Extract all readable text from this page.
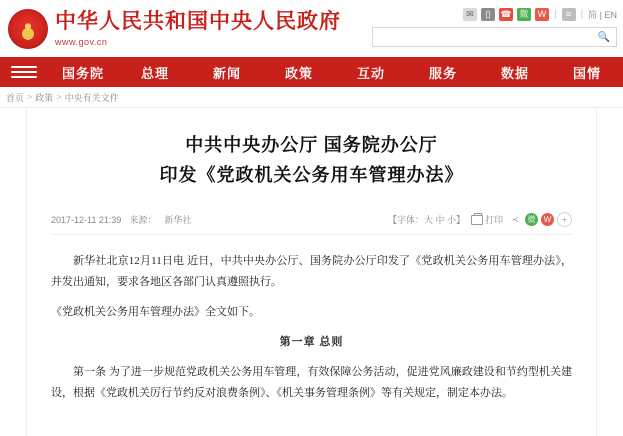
中华人民共和国中央人民政府
www.gov.cn
✉	▯	☎ 微	W |	≡ | 简 | EN
🔍
国务院	总理	新闻	政策	互动	服务	数据	国情
首页 > 政策 > 中央有关文件
中共中央办公厅 国务院办公厅
印发《党政机关公务用车管理办法》
2017-12-11 21:39 来源： 新华社	【字体：大 中 小】 打印	≺	微	W	+

新华社北京12月11日电 近日，中共中央办公厅、国务院办公厅印发了《党政机关公务用车管理办法》，并发出通知，要求各地区各部门认真遵照执行。

《党政机关公务用车管理办法》全文如下。

第一章 总则

第一条 为了进一步规范党政机关公务用车管理，有效保障公务活动，促进党风廉政建设和节约型机关建设，根据《党政机关厉行节约反对浪费条例》、《机关事务管理条例》等有关规定，制定本办法。
